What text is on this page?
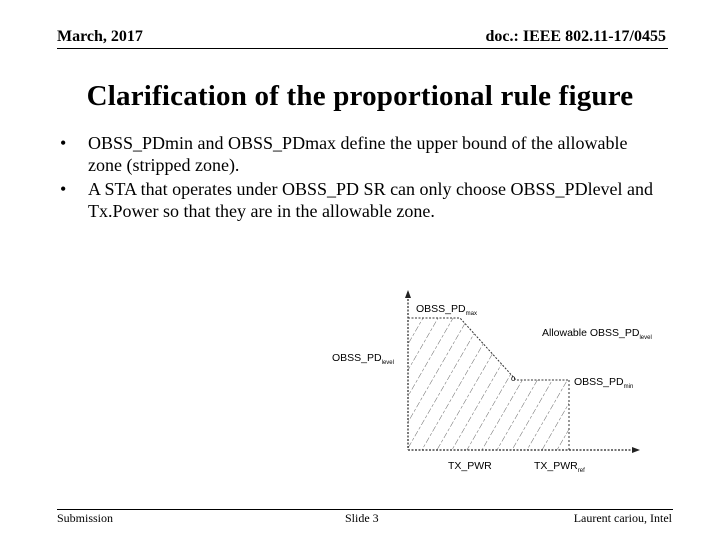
March, 2017	doc.: IEEE 802.11-17/0455
Clarification of the proportional rule figure
• OBSS_PDmin and OBSS_PDmax define the upper bound of the allowable zone (stripped zone).
• A STA that operates under OBSS_PD SR can only choose OBSS_PDlevel and Tx.Power so that they are in the allowable zone.
o
$OBSS\_PD_{max}$
$OBSS\_PD_{level}$
Allowable $OBSS\_PD_{level}$
$OBSS\_PD_{min}$
TX_PWR	$TX\_PWR_{ref}$
Submission	Slide 3	Laurent cariou, Intel
